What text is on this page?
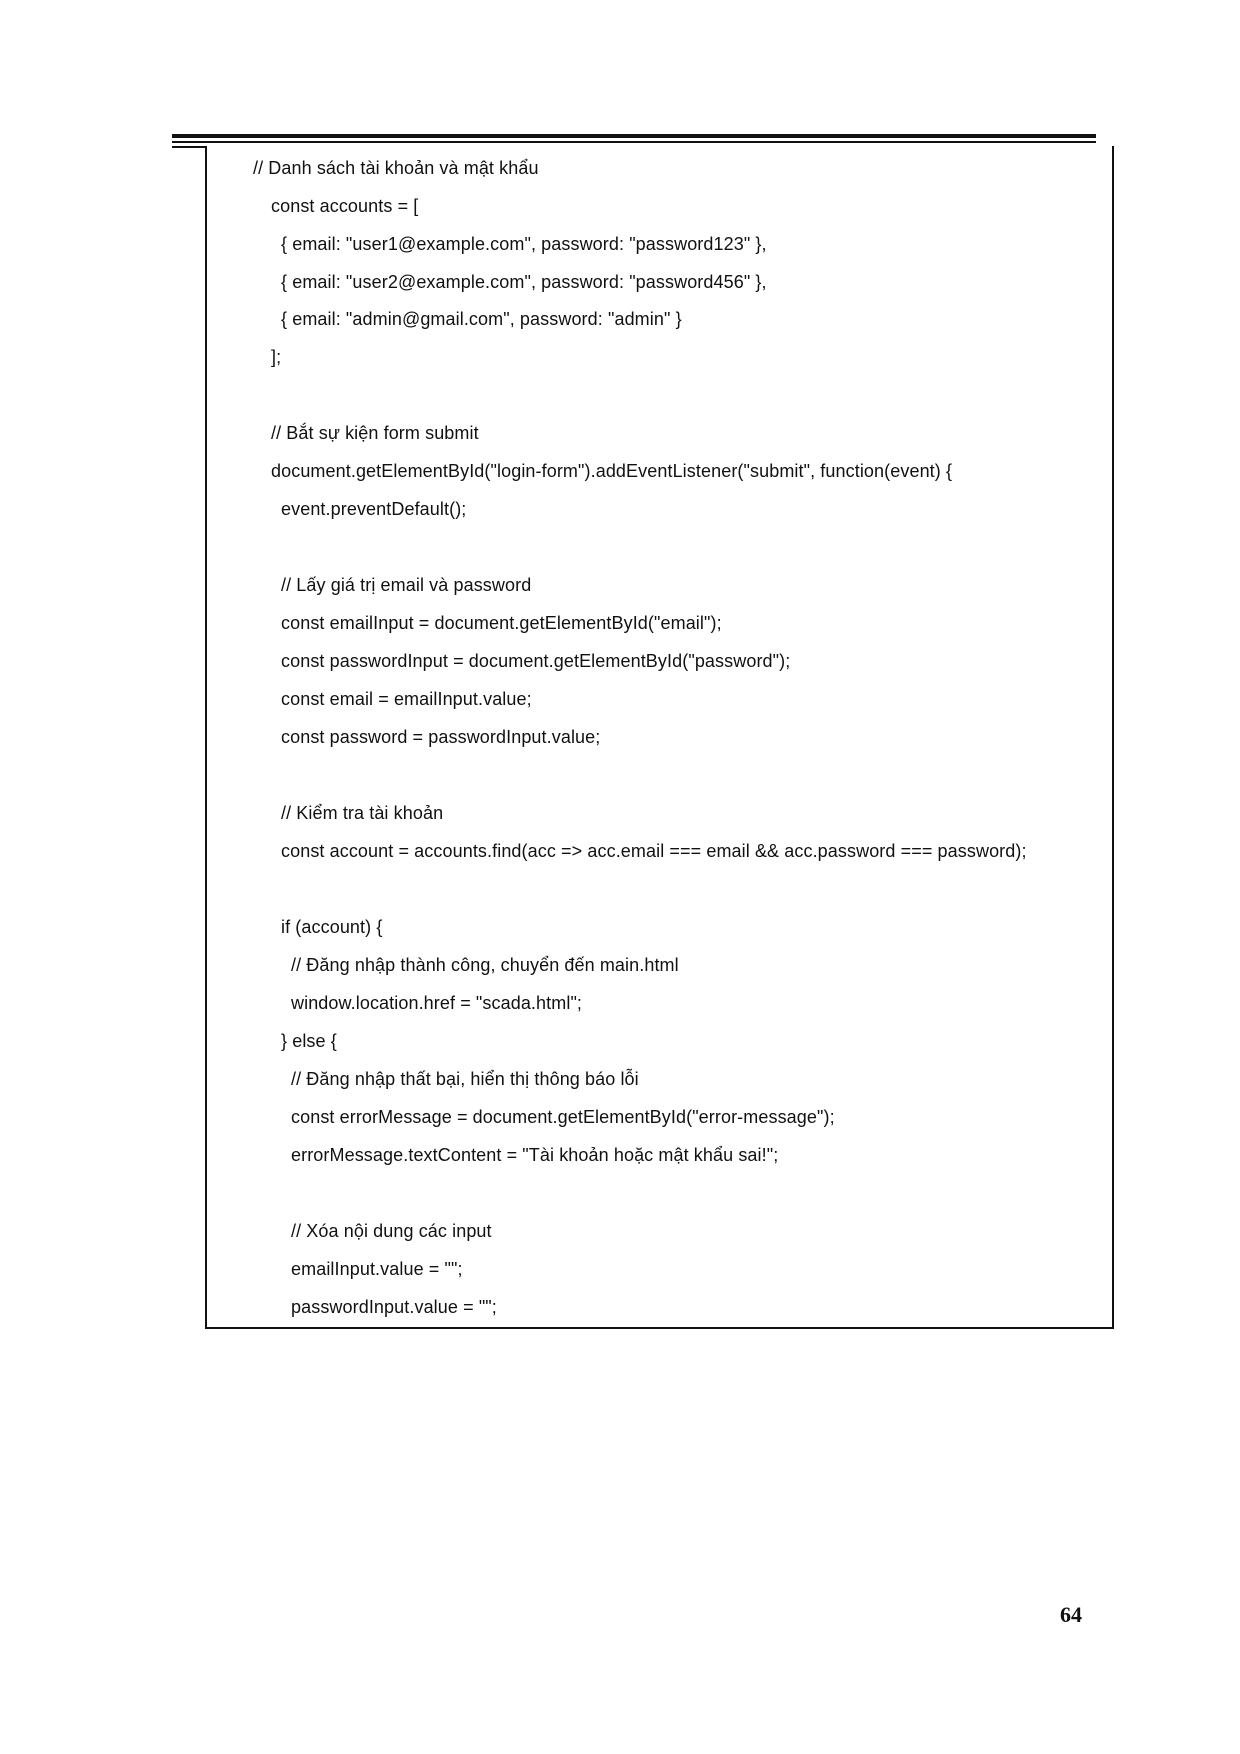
// Danh sách tài khoản và mật khẩu
const accounts = [
{ email: "user1@example.com", password: "password123" },
{ email: "user2@example.com", password: "password456" },
{ email: "admin@gmail.com", password: "admin" }
];
// Bắt sự kiện form submit
document.getElementById("login-form").addEventListener("submit", function(event) {
event.preventDefault();
// Lấy giá trị email và password
const emailInput = document.getElementById("email");
const passwordInput = document.getElementById("password");
const email = emailInput.value;
const password = passwordInput.value;
// Kiểm tra tài khoản
const account = accounts.find(acc => acc.email === email && acc.password === password);
if (account) {
// Đăng nhập thành công, chuyển đến main.html
window.location.href = "scada.html";
} else {
// Đăng nhập thất bại, hiển thị thông báo lỗi
const errorMessage = document.getElementById("error-message");
errorMessage.textContent = "Tài khoản hoặc mật khẩu sai!";
// Xóa nội dung các input
emailInput.value = "";
passwordInput.value = "";
64
